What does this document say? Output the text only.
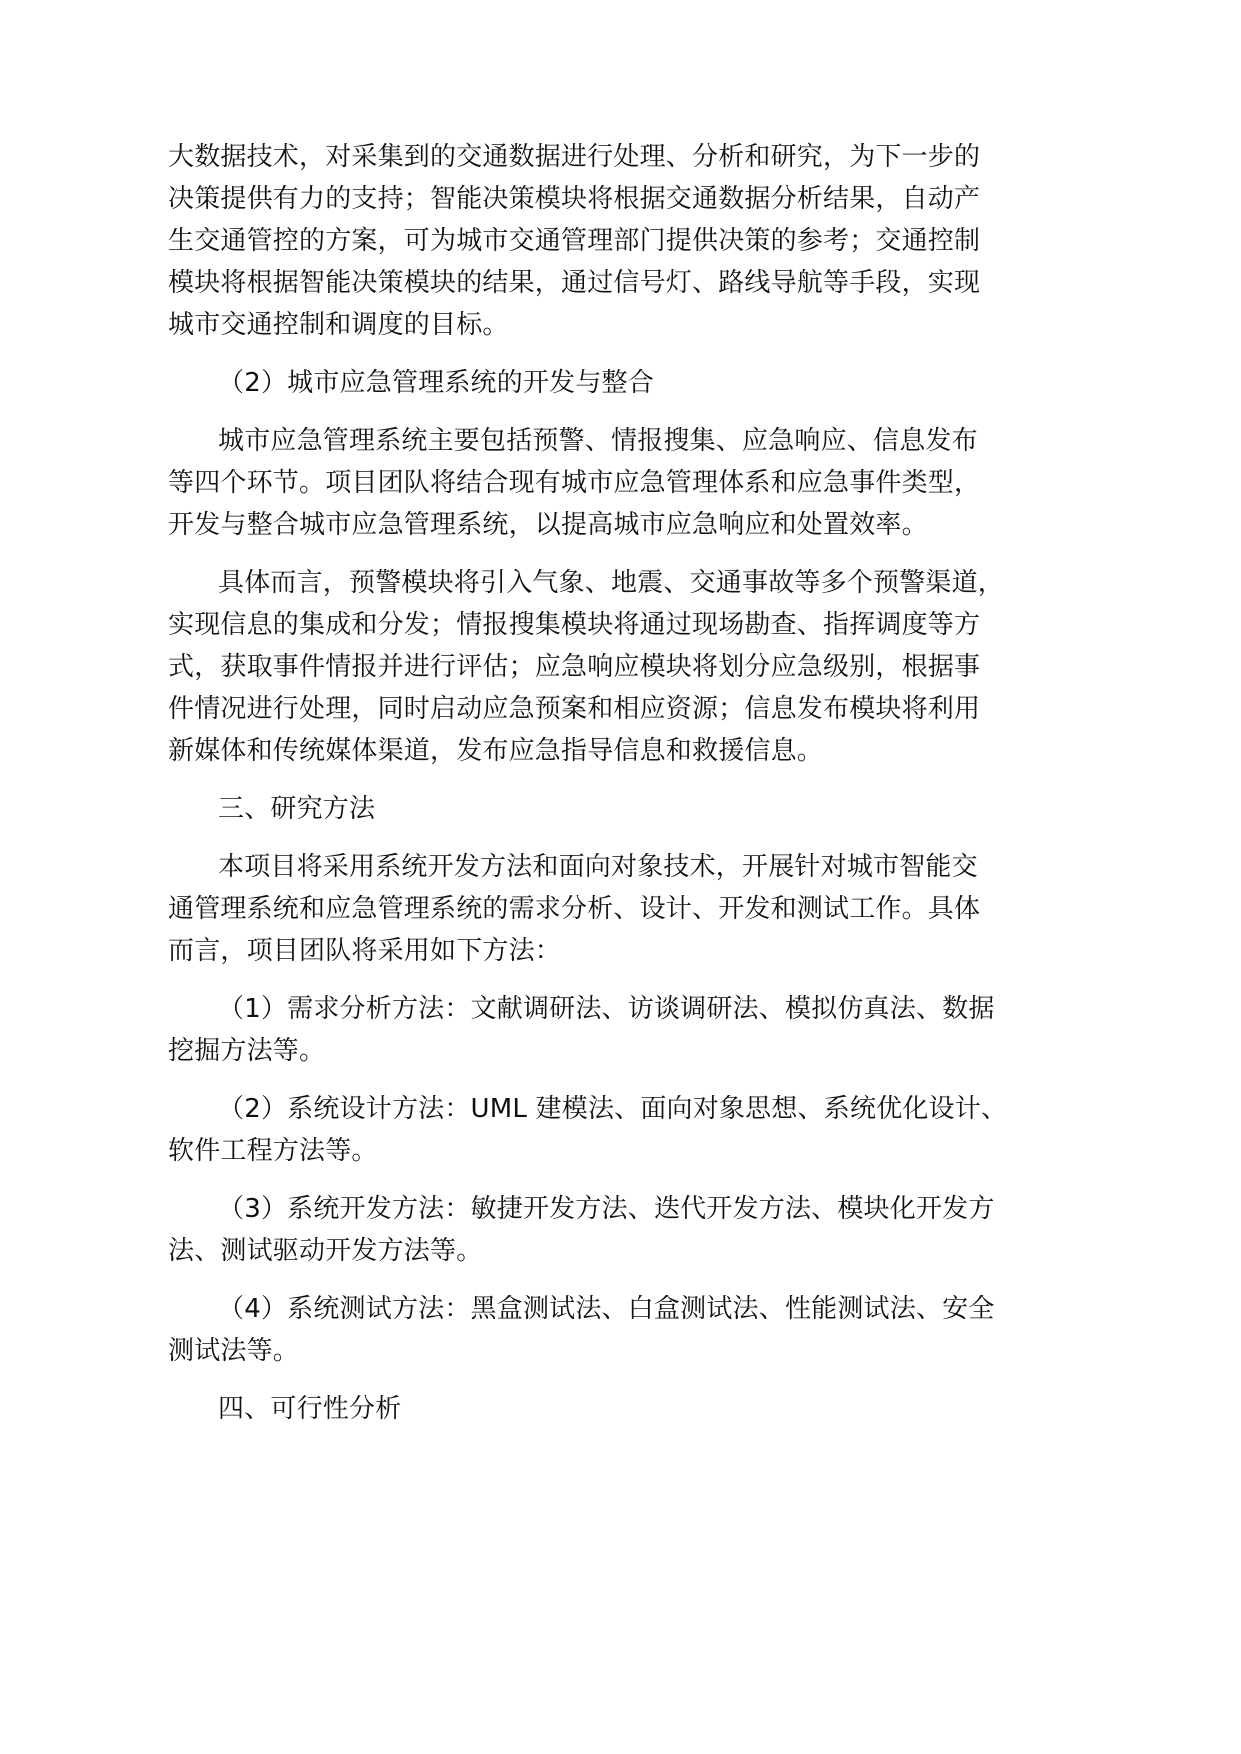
大数据技术，对采集到的交通数据进行处理、分析和研究，为下一步的

决策提供有力的支持；智能决策模块将根据交通数据分析结果，自动产

生交通管控的方案，可为城市交通管理部门提供决策的参考；交通控制

模块将根据智能决策模块的结果，通过信号灯、路线导航等手段，实现

城市交通控制和调度的目标。

（2）城市应急管理系统的开发与整合

城市应急管理系统主要包括预警、情报搜集、应急响应、信息发布

等四个环节。项目团队将结合现有城市应急管理体系和应急事件类型，

开发与整合城市应急管理系统，以提高城市应急响应和处置效率。

具体而言，预警模块将引入气象、地震、交通事故等多个预警渠道，

实现信息的集成和分发；情报搜集模块将通过现场勘查、指挥调度等方

式，获取事件情报并进行评估；应急响应模块将划分应急级别，根据事

件情况进行处理，同时启动应急预案和相应资源；信息发布模块将利用

新媒体和传统媒体渠道，发布应急指导信息和救援信息。

三、研究方法

本项目将采用系统开发方法和面向对象技术，开展针对城市智能交

通管理系统和应急管理系统的需求分析、设计、开发和测试工作。具体

而言，项目团队将采用如下方法：

（1）需求分析方法：文献调研法、访谈调研法、模拟仿真法、数据

挖掘方法等。

（2）系统设计方法：UML 建模法、面向对象思想、系统优化设计、

软件工程方法等。

（3）系统开发方法：敏捷开发方法、迭代开发方法、模块化开发方

法、测试驱动开发方法等。

（4）系统测试方法：黑盒测试法、白盒测试法、性能测试法、安全

测试法等。

四、可行性分析
